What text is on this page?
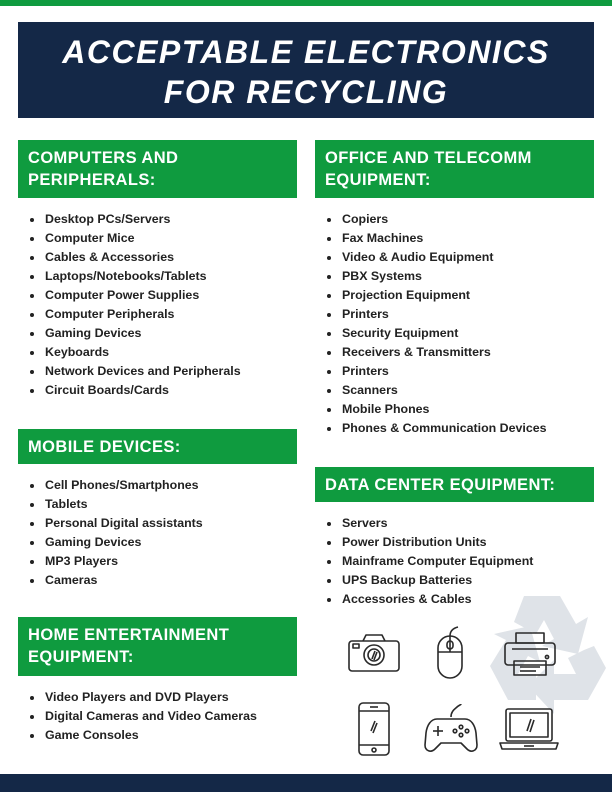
ACCEPTABLE ELECTRONICS
FOR RECYCLING
COMPUTERS AND
PERIPHERALS:
Desktop PCs/Servers
Computer Mice
Cables & Accessories
Laptops/Notebooks/Tablets
Computer Power Supplies
Computer Peripherals
Gaming Devices
Keyboards
Network Devices and Peripherals
Circuit Boards/Cards
MOBILE DEVICES:
Cell Phones/Smartphones
Tablets
Personal Digital assistants
Gaming Devices
MP3 Players
Cameras
HOME ENTERTAINMENT
EQUIPMENT:
Video Players and DVD Players
Digital Cameras and Video Cameras
Game Consoles
OFFICE AND TELECOMM
EQUIPMENT:
Copiers
Fax Machines
Video & Audio Equipment
PBX Systems
Projection Equipment
Printers
Security Equipment
Receivers & Transmitters
Printers
Scanners
Mobile Phones
Phones & Communication Devices
DATA CENTER EQUIPMENT:
Servers
Power Distribution Units
Mainframe Computer Equipment
UPS Backup Batteries
Accessories & Cables
